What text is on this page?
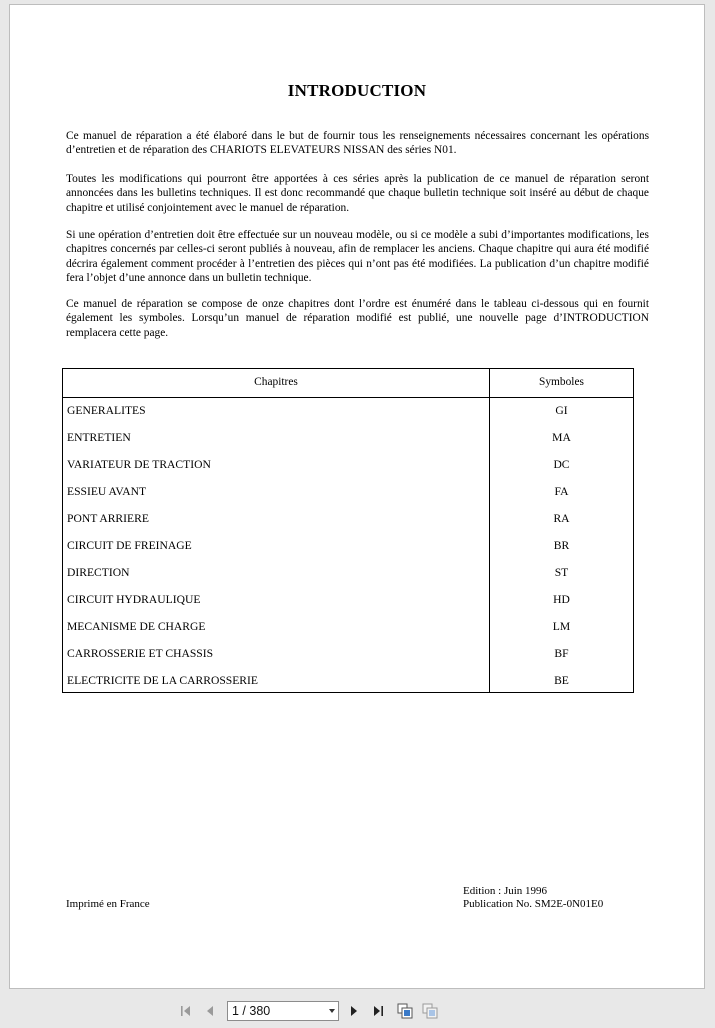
INTRODUCTION

Ce manuel de réparation a été élaboré dans le but de fournir tous les renseignements nécessaires concernant les opérations d’entretien et de réparation des CHARIOTS ELEVATEURS NISSAN des séries N01.

Toutes les modifications qui pourront être apportées à ces séries après la publication de ce manuel de réparation seront annoncées dans les bulletins techniques. Il est donc recommandé que chaque bulletin technique soit inséré au début de chaque chapitre et utilisé conjointement avec le manuel de réparation.

Si une opération d’entretien doit être effectuée sur un nouveau modèle, ou si ce modèle a subi d’importantes modifications, les chapitres concernés par celles-ci seront publiés à nouveau, afin de remplacer les anciens. Chaque chapitre qui aura été modifié décrira également comment procéder à l’entretien des pièces qui n’ont pas été modifiées. La publication d’un chapitre modifié fera l’objet d’une annonce dans un bulletin technique.

Ce manuel de réparation se compose de onze chapitres dont l’ordre est énuméré dans le tableau ci-dessous qui en fournit également les symboles. Lorsqu’un manuel de réparation modifié est publié, une nouvelle page d’INTRODUCTION remplacera cette page.

Chapitres	Symboles
GENERALITES	GI
ENTRETIEN	MA
VARIATEUR DE TRACTION	DC
ESSIEU AVANT	FA
PONT ARRIERE	RA
CIRCUIT DE FREINAGE	BR
DIRECTION	ST
CIRCUIT HYDRAULIQUE	HD
MECANISME DE CHARGE	LM
CARROSSERIE ET CHASSIS	BF
ELECTRICITE DE LA CARROSSERIE	BE
Imprimé en France
Edition : Juin 1996
Publication No. SM2E-0N01E0
1 / 380
